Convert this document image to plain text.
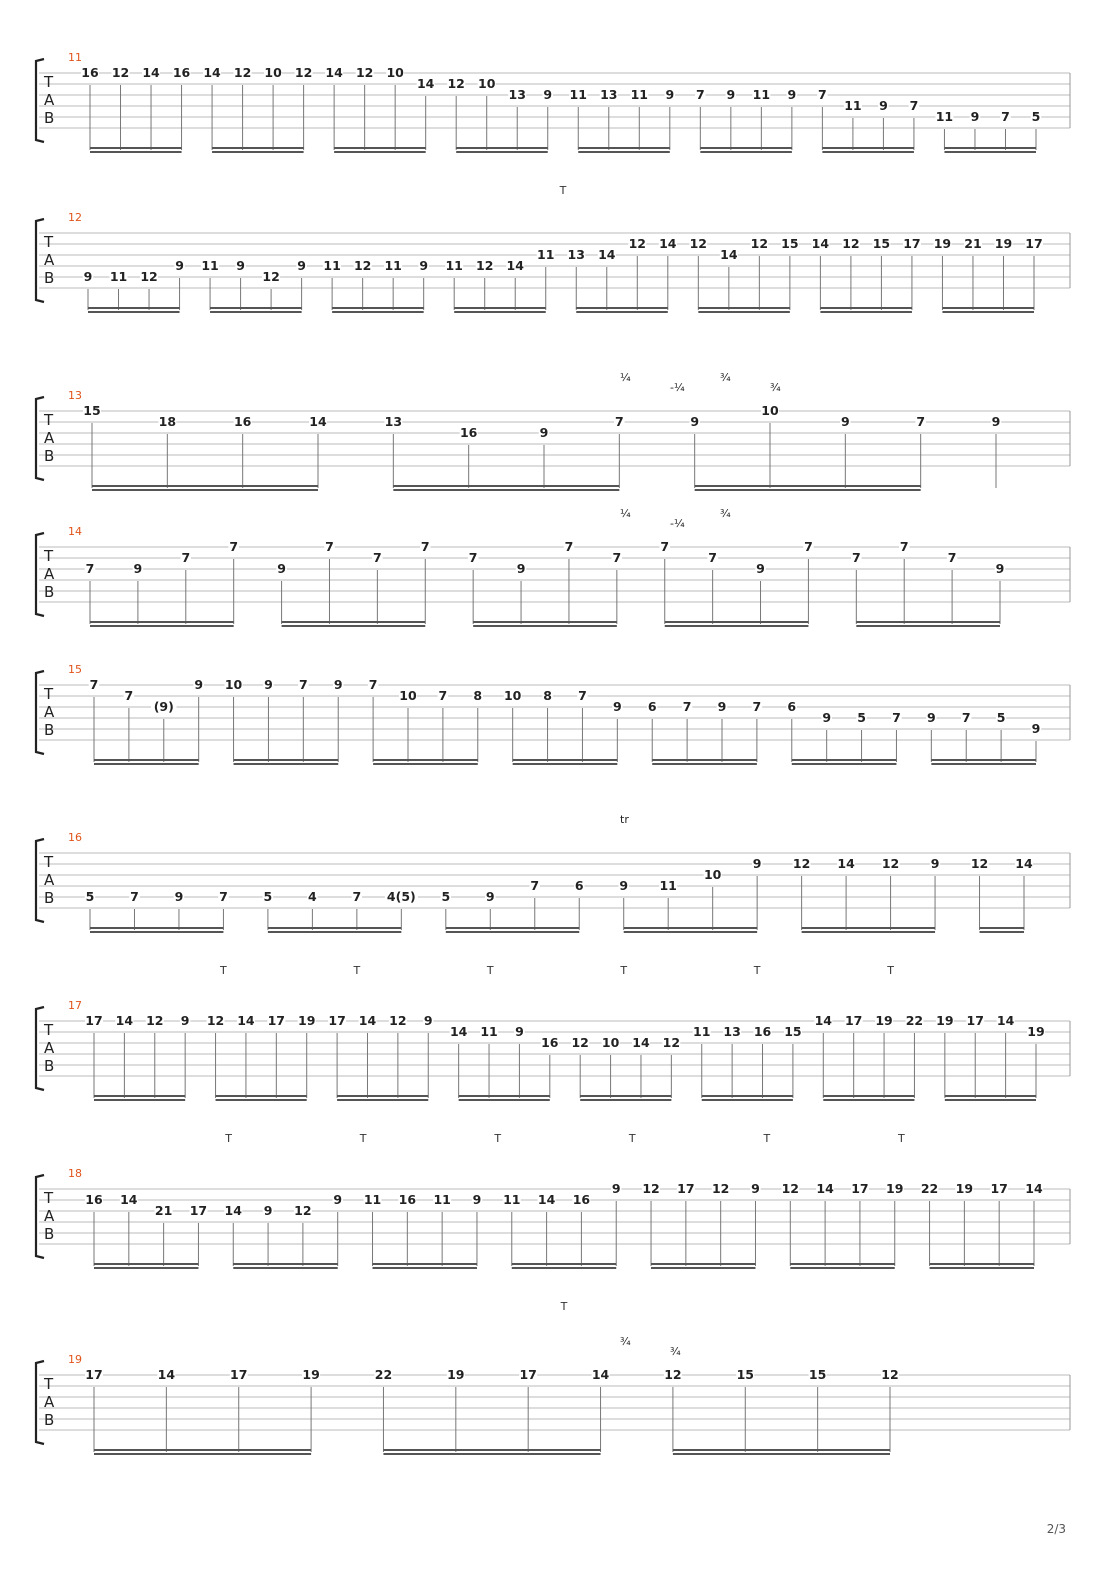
T
A
B
11
16 12 14 16 14 12 10 12 14 12 10
14 12 10
13 9 11 13 11 9 7 9 11 9 7
11 9 7
11 9 7 5
T
T
A
B
12
9 11 12
9 11 9
12
9 11 12 11 9 11 12 14
11 13 14
12 14 12
14
12 15 14 12 15 17 19 21 19 17
T
A
B
13
15
18	16	14	13
16	9
7	9
10
9	7	9
¼
-¼
¾
¾
T
A
B
14
7	9
7
7
9
7
7
7
7
9
7
7
7
7
9
7
7
7
7
9
¼
-¼
¾
T
A
B
15
7
7
(9)
9 10 9 7 9 7
10 7 8 10 8 7
9 6 7 9 7 6
9 5 7 9 7 5
9
T
A
B
16
5	7	9	7	5	4	7 4(5) 5	9
7	6	9	11
10
9	12 14 12	9	12 14
T	T	T	T	T	T
tr
T
A
B
17
17 14 12 9 12 14 17 19 17 14 12 9
14 11 9
16 12 10 14 12
11 13 16 15
14 17 19 22 19 17 14
19
T	T	T	T	T	T
T
A
B
18
16 14
21 17 14 9 12
9 11 16 11 9 11 14 16
9 12 17 12 9 12 14 17 19 22 19 17 14
T
T
A
B
19
17	14	17	19	22	19	17	14	12	15	15	12
¾
¾
2/3
